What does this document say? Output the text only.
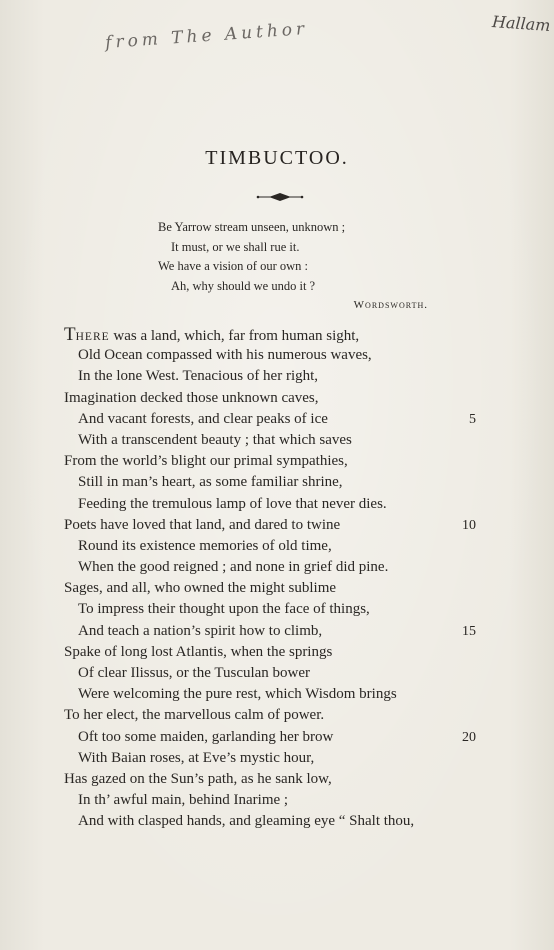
from The Author	Hallam
TIMBUCTOO.
Be Yarrow stream unseen, unknown ;
It must, or we shall rue it.
We have a vision of our own :
Ah, why should we undo it ?
Wordsworth.
THERE was a land, which, far from human sight,
Old Ocean compassed with his numerous waves,
In the lone West. Tenacious of her right,
Imagination decked those unknown caves,
And vacant forests, and clear peaks of ice	5
With a transcendent beauty ; that which saves
From the world’s blight our primal sympathies,
Still in man’s heart, as some familiar shrine,
Feeding the tremulous lamp of love that never dies.
Poets have loved that land, and dared to twine	10
Round its existence memories of old time,
When the good reigned ; and none in grief did pine.
Sages, and all, who owned the might sublime
To impress their thought upon the face of things,
And teach a nation’s spirit how to climb,	15
Spake of long lost Atlantis, when the springs
Of clear Ilissus, or the Tusculan bower
Were welcoming the pure rest, which Wisdom brings
To her elect, the marvellous calm of power.
Oft too some maiden, garlanding her brow	20
With Baian roses, at Eve’s mystic hour,
Has gazed on the Sun’s path, as he sank low,
In th’ awful main, behind Inarime ;
And with clasped hands, and gleaming eye “ Shalt thou,
